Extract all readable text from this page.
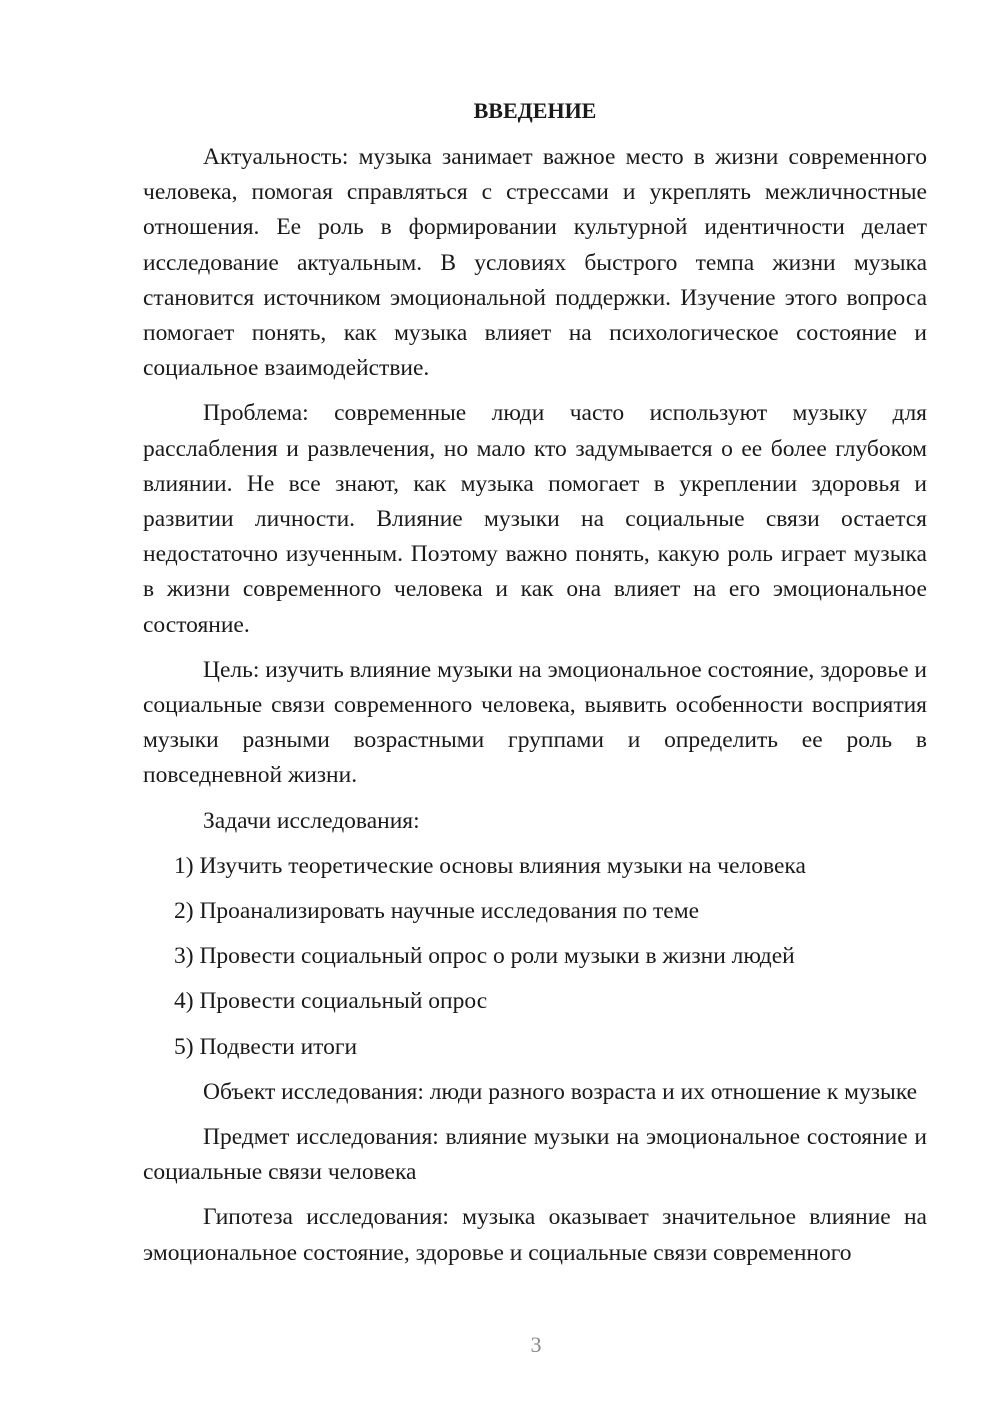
ВВЕДЕНИЕ

Актуальность: музыка занимает важное место в жизни современного человека, помогая справляться с стрессами и укреплять межличностные отношения. Ее роль в формировании культурной идентичности делает исследование актуальным. В условиях быстрого темпа жизни музыка становится источником эмоциональной поддержки. Изучение этого вопроса помогает понять, как музыка влияет на психологическое состояние и социальное взаимодействие.

Проблема: современные люди часто используют музыку для расслабления и развлечения, но мало кто задумывается о ее более глубоком влиянии. Не все знают, как музыка помогает в укреплении здоровья и развитии личности. Влияние музыки на социальные связи остается недостаточно изученным. Поэтому важно понять, какую роль играет музыка в жизни современного человека и как она влияет на его эмоциональное состояние.

Цель: изучить влияние музыки на эмоциональное состояние, здоровье и социальные связи современного человека, выявить особенности восприятия музыки разными возрастными группами и определить ее роль в повседневной жизни.

Задачи исследования:

1) Изучить теоретические основы влияния музыки на человека

2) Проанализировать научные исследования по теме

3) Провести социальный опрос о роли музыки в жизни людей

4) Провести социальный опрос

5) Подвести итоги

Объект исследования: люди разного возраста и их отношение к музыке

Предмет исследования: влияние музыки на эмоциональное состояние и социальные связи человека

Гипотеза исследования: музыка оказывает значительное влияние на эмоциональное состояние, здоровье и социальные связи современного

3
